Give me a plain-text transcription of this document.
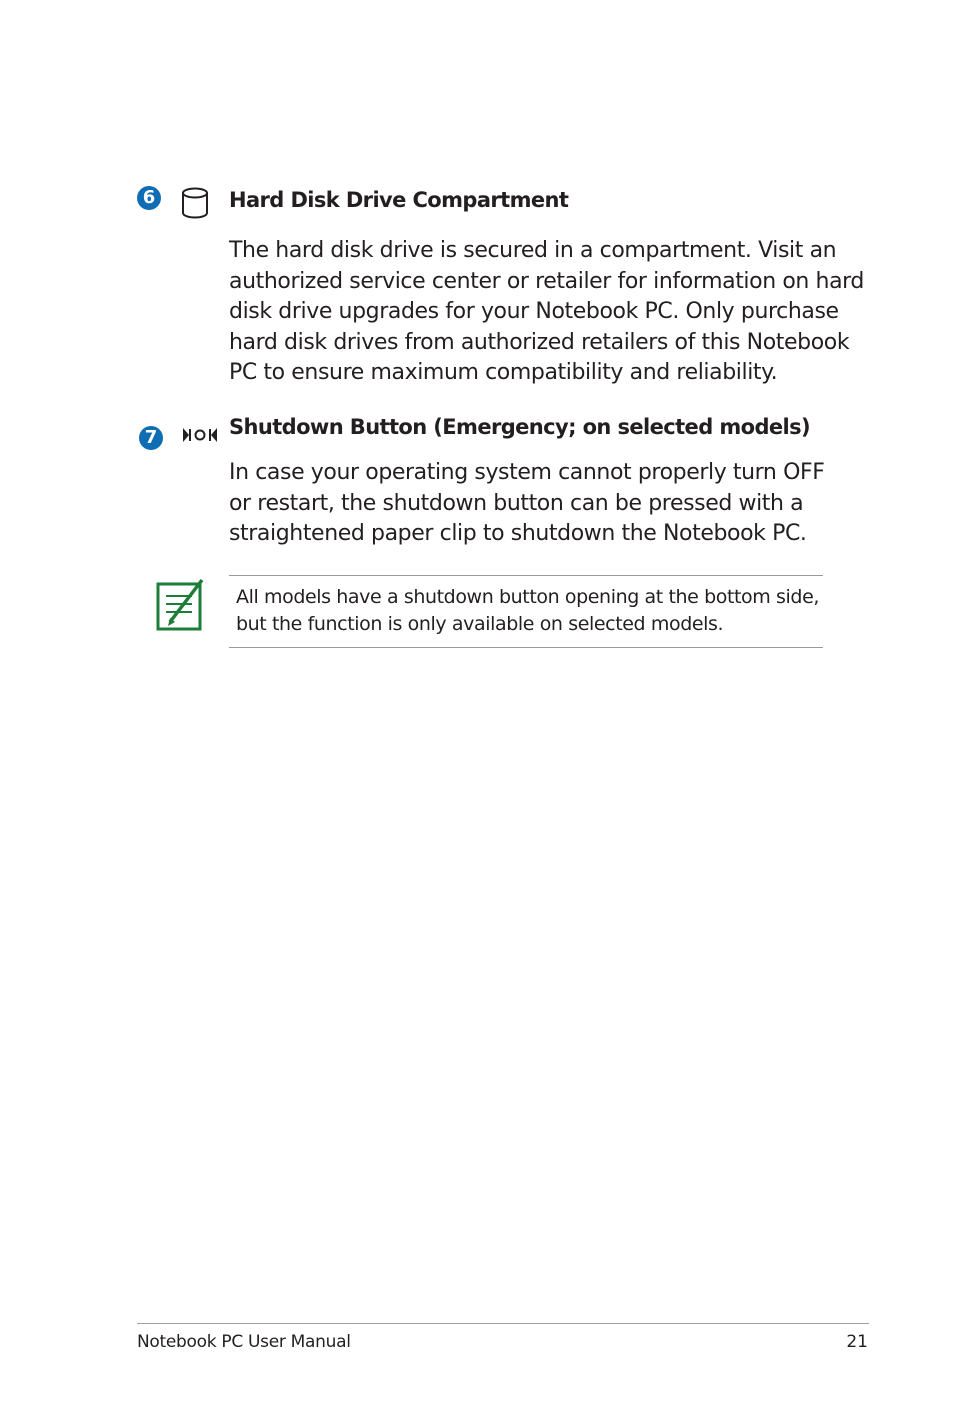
6	Hard Disk Drive Compartment
The hard disk drive is secured in a compartment. Visit an
authorized service center or retailer for information on hard
disk drive upgrades for your Notebook PC. Only purchase
hard disk drives from authorized retailers of this Notebook
PC to ensure maximum compatibility and reliability.
7	Shutdown Button (Emergency; on selected models)
In case your operating system cannot properly turn OFF
or restart, the shutdown button can be pressed with a
straightened paper clip to shutdown the Notebook PC.
All models have a shutdown button opening at the bottom side,
but the function is only available on selected models.
Notebook PC User Manual	21
